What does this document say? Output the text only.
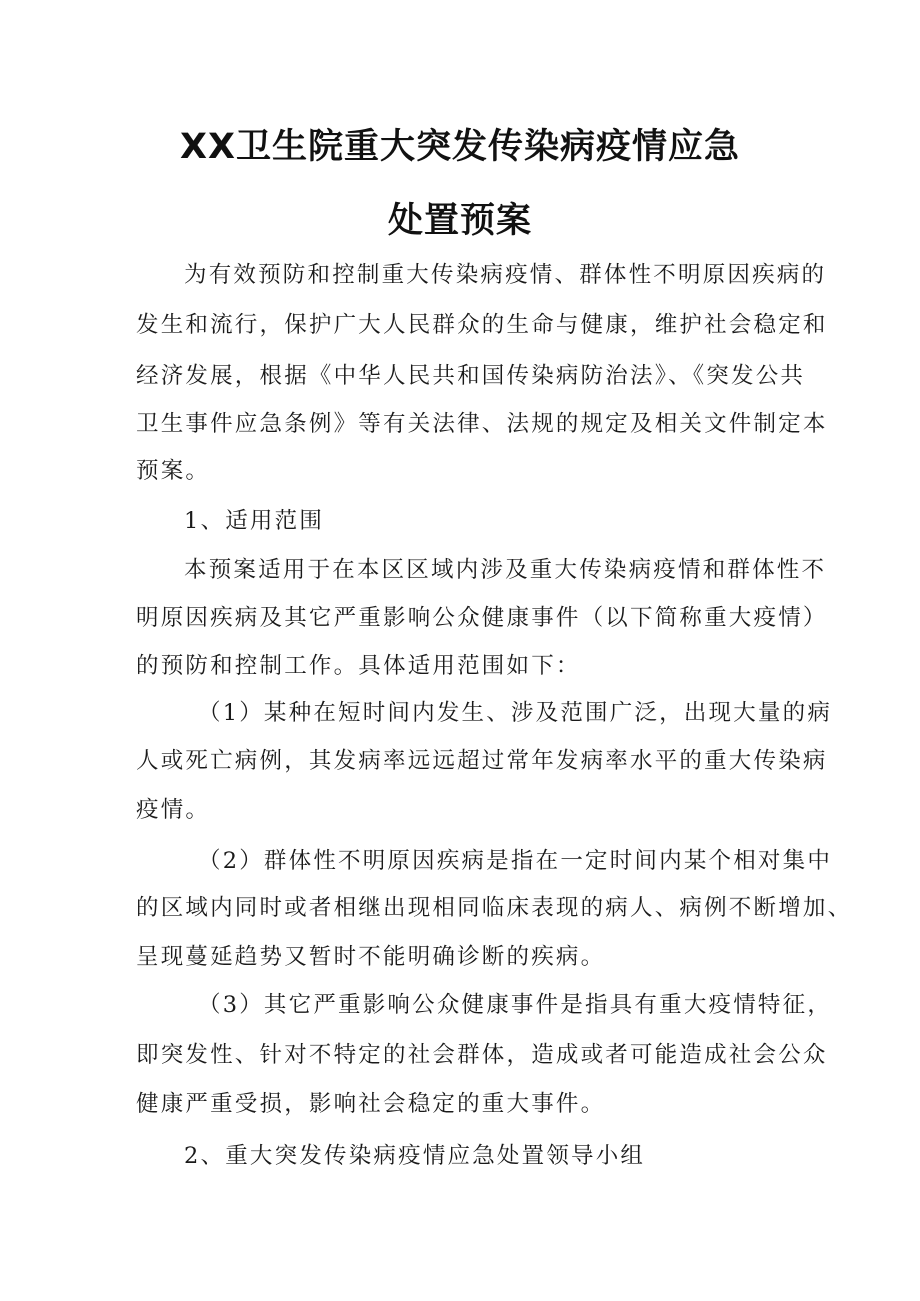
XX卫生院重大突发传染病疫情应急
处置预案
为有效预防和控制重大传染病疫情、群体性不明原因疾病的
发生和流行，保护广大人民群众的生命与健康，维护社会稳定和
经济发展，根据《中华人民共和国传染病防治法》、《突发公共
卫生事件应急条例》等有关法律、法规的规定及相关文件制定本
预案。
1、适用范围
本预案适用于在本区区域内涉及重大传染病疫情和群体性不
明原因疾病及其它严重影响公众健康事件（以下简称重大疫情）
的预防和控制工作。具体适用范围如下：
（1）某种在短时间内发生、涉及范围广泛，出现大量的病
人或死亡病例，其发病率远远超过常年发病率水平的重大传染病
疫情。
（2）群体性不明原因疾病是指在一定时间内某个相对集中
的区域内同时或者相继出现相同临床表现的病人、病例不断增加、
呈现蔓延趋势又暂时不能明确诊断的疾病。
（3）其它严重影响公众健康事件是指具有重大疫情特征，
即突发性、针对不特定的社会群体，造成或者可能造成社会公众
健康严重受损，影响社会稳定的重大事件。
2、重大突发传染病疫情应急处置领导小组
